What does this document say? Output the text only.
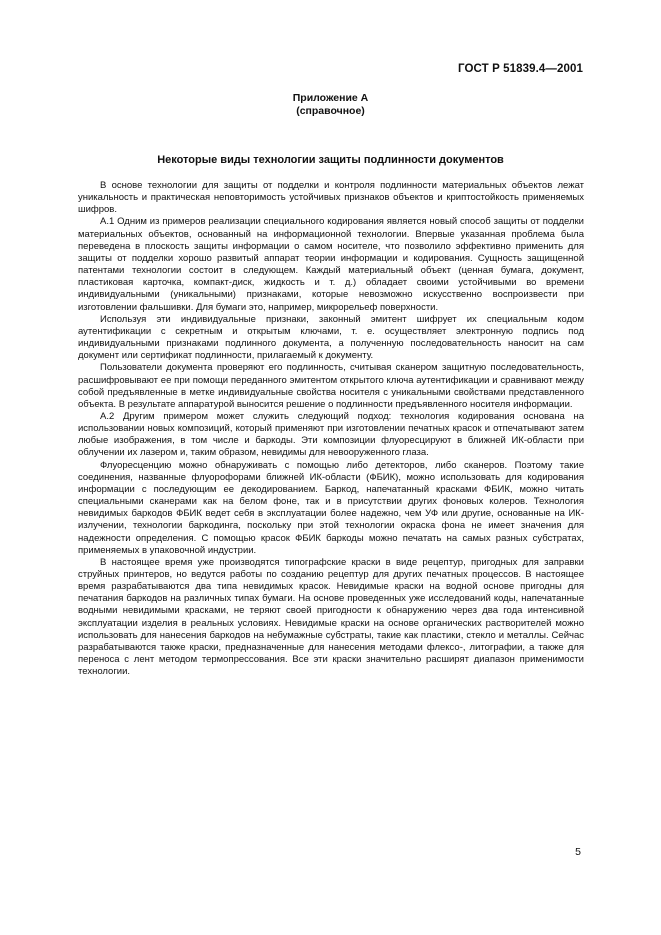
ГОСТ Р 51839.4—2001
Приложение А
(справочное)
Некоторые виды технологии защиты подлинности документов

В основе технологии для защиты от подделки и контроля подлинности материальных объектов лежат уникальность и практическая неповторимость устойчивых признаков объектов и криптостойкость применяемых шифров.

А.1 Одним из примеров реализации специального кодирования является новый способ защиты от подделки материальных объектов, основанный на информационной технологии. Впервые указанная проблема была переведена в плоскость защиты информации о самом носителе, что позволило эффективно применить для защиты от подделки хорошо развитый аппарат теории информации и кодирования. Сущность защищенной патентами технологии состоит в следующем. Каждый материальный объект (ценная бумага, документ, пластиковая карточка, компакт-диск, жидкость и т. д.) обладает своими устойчивыми во времени индивидуальными (уникальными) признаками, которые невозможно искусственно воспроизвести при изготовлении фальшивки. Для бумаги это, например, микрорельеф поверхности.

Используя эти индивидуальные признаки, законный эмитент шифрует их специальным кодом аутентификации с секретным и открытым ключами, т. е. осуществляет электронную подпись под индивидуальными признаками подлинного документа, а полученную последовательность наносит на сам документ или сертификат подлинности, прилагаемый к документу.

Пользователи документа проверяют его подлинность, считывая сканером защитную последовательность, расшифровывают ее при помощи переданного эмитентом открытого ключа аутентификации и сравнивают между собой предъявленные в метке индивидуальные свойства носителя с уникальными свойствами представленного объекта. В результате аппаратурой выносится решение о подлинности предъявленного носителя информации.

А.2 Другим примером может служить следующий подход: технология кодирования основана на использовании новых композиций, который применяют при изготовлении печатных красок и отпечатывают затем любые изображения, в том числе и баркоды. Эти композиции флуоресцируют в ближней ИК-области при облучении их лазером и, таким образом, невидимы для невооруженного глаза.

Флуоресценцию можно обнаруживать с помощью либо детекторов, либо сканеров. Поэтому такие соединения, названные флуорофорами ближней ИК-области (ФБИК), можно использовать для кодирования информации с последующим ее декодированием. Баркод, напечатанный красками ФБИК, можно читать специальными сканерами как на белом фоне, так и в присутствии других фоновых колеров. Технология невидимых баркодов ФБИК ведет себя в эксплуатации более надежно, чем УФ или другие, основанные на ИК-излучении, технологии баркодинга, поскольку при этой технологии окраска фона не имеет значения для надежности определения. С помощью красок ФБИК баркоды можно печатать на самых разных субстратах, применяемых в упаковочной индустрии.

В настоящее время уже производятся типографские краски в виде рецептур, пригодных для заправки струйных принтеров, но ведутся работы по созданию рецептур для других печатных процессов. В настоящее время разрабатываются два типа невидимых красок. Невидимые краски на водной основе пригодны для печатания баркодов на различных типах бумаги. На основе проведенных уже исследований коды, напечатанные водными невидимыми красками, не теряют своей пригодности к обнаружению через два года интенсивной эксплуатации изделия в реальных условиях. Невидимые краски на основе органических растворителей можно использовать для нанесения баркодов на небумажные субстраты, такие как пластики, стекло и металлы. Сейчас разрабатываются также краски, предназначенные для нанесения методами флексо-, литографии, а также для переноса с лент методом термопрессования. Все эти краски значительно расширят диапазон применимости технологии.

5
